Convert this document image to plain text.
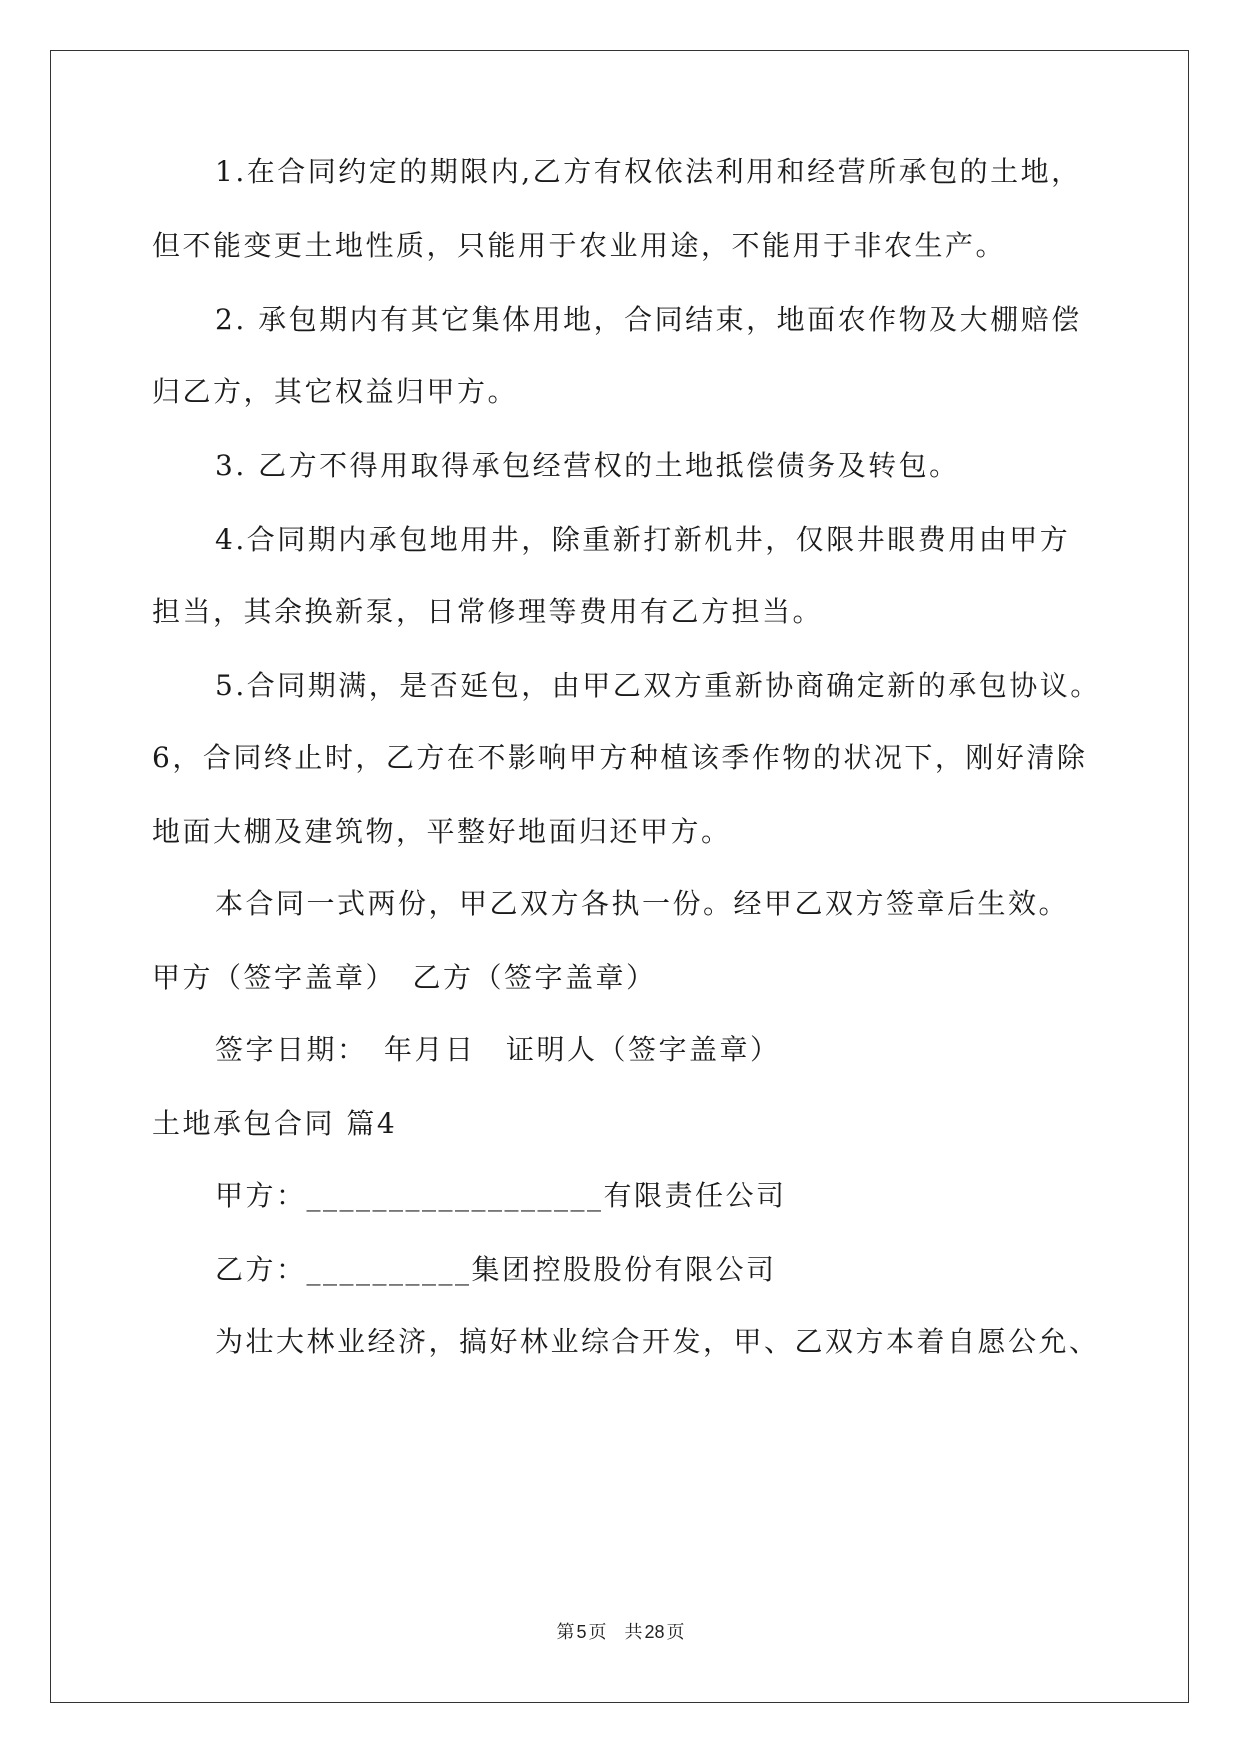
1.在合同约定的期限内,乙方有权依法利用和经营所承包的土地，
但不能变更土地性质，只能用于农业用途，不能用于非农生产。
2. 承包期内有其它集体用地，合同结束，地面农作物及大棚赔偿
归乙方，其它权益归甲方。
3. 乙方不得用取得承包经营权的土地抵偿债务及转包。
4.合同期内承包地用井，除重新打新机井，仅限井眼费用由甲方
担当，其余换新泵，日常修理等费用有乙方担当。
5.合同期满，是否延包，由甲乙双方重新协商确定新的承包协议。
6，合同终止时，乙方在不影响甲方种植该季作物的状况下，刚好清除
地面大棚及建筑物，平整好地面归还甲方。
本合同一式两份，甲乙双方各执一份。经甲乙双方签章后生效。
甲方（签字盖章）　乙方（签字盖章）
签字日期：　年月日　证明人（签字盖章）
土地承包合同 篇4
甲方：__________________有限责任公司
乙方：__________集团控股股份有限公司
为壮大林业经济，搞好林业综合开发，甲、乙双方本着自愿公允、
第 5 页 共 28 页
